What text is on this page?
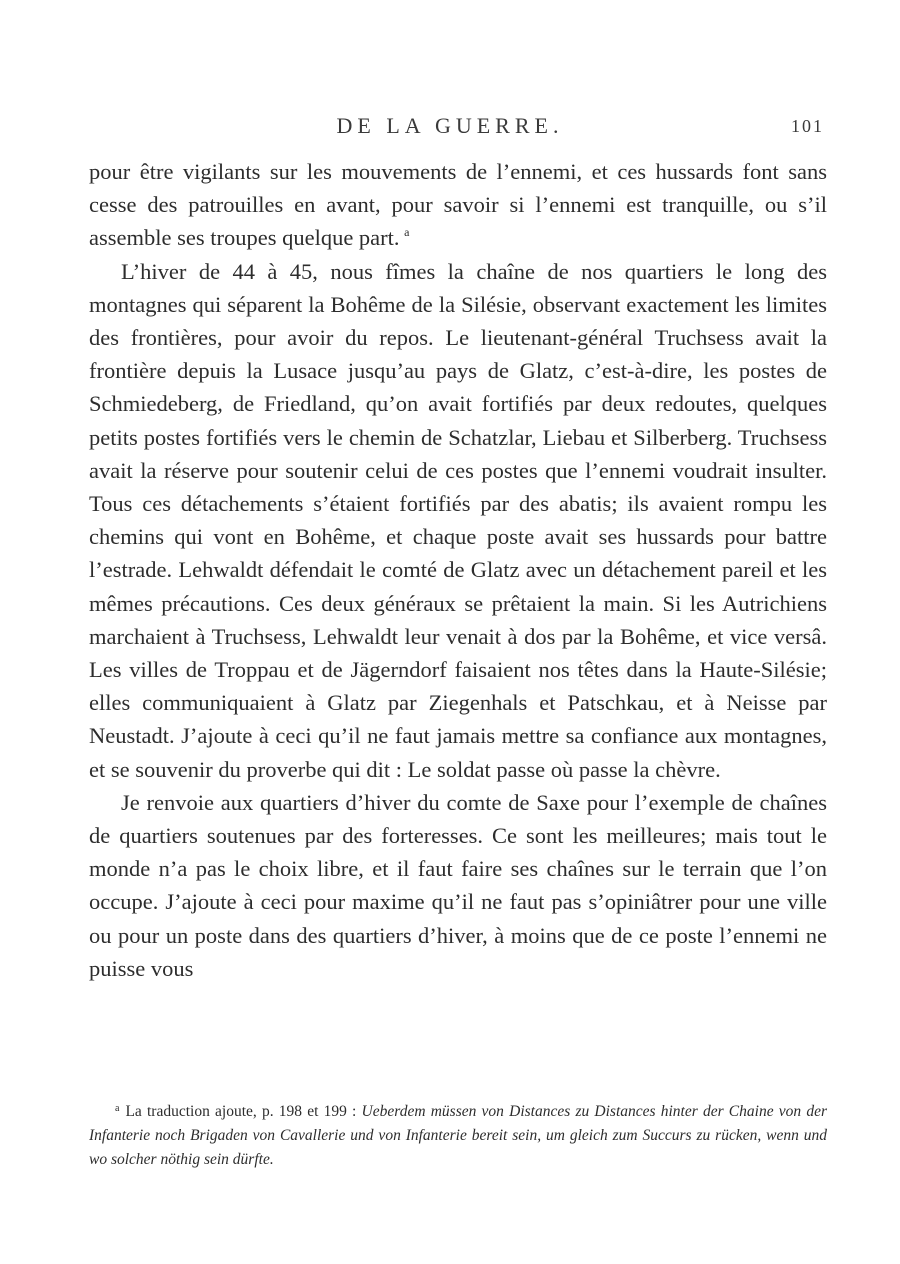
DE LA GUERRE.	101

pour être vigilants sur les mouvements de l’ennemi, et ces hussards font sans cesse des patrouilles en avant, pour savoir si l’ennemi est tranquille, ou s’il assemble ses troupes quelque part.  $^a$

L’hiver de 44 à 45, nous fîmes la chaîne de nos quartiers le long des montagnes qui séparent la Bohême de la Silésie, observant exactement les limites des frontières, pour avoir du repos. Le lieutenant-général Truchsess avait la frontière depuis la Lusace jusqu’au pays de Glatz, c’est-à-dire, les postes de Schmiedeberg, de Friedland, qu’on avait fortifiés par deux redoutes, quelques petits postes fortifiés vers le chemin de Schatzlar, Liebau et Silberberg. Truchsess avait la réserve pour soutenir celui de ces postes que l’ennemi voudrait insulter. Tous ces détachements s’étaient fortifiés par des abatis; ils avaient rompu les chemins qui vont en Bohême, et chaque poste avait ses hussards pour battre l’estrade. Lehwaldt défendait le comté de Glatz avec un détachement pareil et les mêmes précautions. Ces deux généraux se prêtaient la main. Si les Autrichiens marchaient à Truchsess, Lehwaldt leur venait à dos par la Bohême, et vice versâ. Les villes de Troppau et de Jägerndorf faisaient nos têtes dans la Haute-Silésie; elles communiquaient à Glatz par Ziegenhals et Patschkau, et à Neisse par Neustadt. J’ajoute à ceci qu’il ne faut jamais mettre sa confiance aux montagnes, et se souvenir du proverbe qui dit : Le soldat passe où passe la chèvre.

Je renvoie aux quartiers d’hiver du comte de Saxe pour l’exemple de chaînes de quartiers soutenues par des forteresses. Ce sont les meilleures; mais tout le monde n’a pas le choix libre, et il faut faire ses chaînes sur le terrain que l’on occupe. J’ajoute à ceci pour maxime qu’il ne faut pas s’opiniâtrer pour une ville ou pour un poste dans des quartiers d’hiver, à moins que de ce poste l’ennemi ne puisse vous

$^a$ La traduction ajoute, p. 198 et 199 : Ueberdem müssen von Distances zu Distances hinter der Chaine von der Infanterie noch Brigaden von Cavallerie und von Infanterie bereit sein, um gleich zum Succurs zu rücken, wenn und wo solcher nöthig sein dürfte.
